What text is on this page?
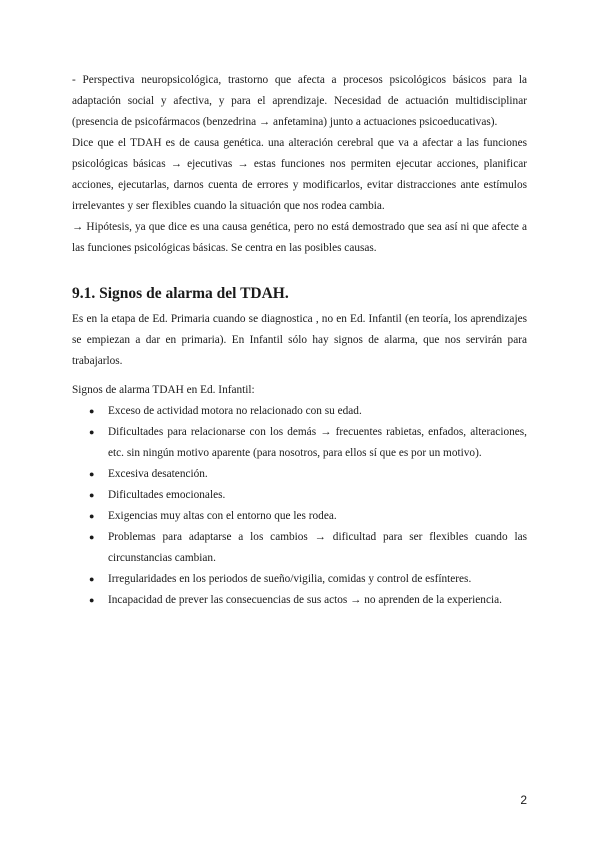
- Perspectiva neuropsicológica, trastorno que afecta a procesos psicológicos básicos para la adaptación social y afectiva, y para el aprendizaje. Necesidad de actuación multidisciplinar (presencia de psicofármacos (benzedrina → anfetamina) junto a actuaciones psicoeducativas).

Dice que el TDAH es de causa genética. una alteración cerebral que va a afectar a las funciones psicológicas básicas → ejecutivas → estas funciones nos permiten ejecutar acciones, planificar acciones, ejecutarlas, darnos cuenta de errores y modificarlos, evitar distracciones ante estímulos irrelevantes y ser flexibles cuando la situación que nos rodea cambia.

→ Hipótesis, ya que dice es una causa genética, pero no está demostrado que sea así ni que afecte a las funciones psicológicas básicas. Se centra en las posibles causas.

9.1. Signos de alarma del TDAH.

Es en la etapa de Ed. Primaria cuando se diagnostica , no en Ed. Infantil (en teoría, los aprendizajes se empiezan a dar en primaria). En Infantil sólo hay signos de alarma, que nos servirán para trabajarlos.

Signos de alarma TDAH en Ed. Infantil:

● Exceso de actividad motora no relacionado con su edad.
● Dificultades para relacionarse con los demás → frecuentes rabietas, enfados, alteraciones, etc. sin ningún motivo aparente (para nosotros, para ellos sí que es por un motivo).
● Excesiva desatención.
● Dificultades emocionales.
● Exigencias muy altas con el entorno que les rodea.
● Problemas para adaptarse a los cambios → dificultad para ser flexibles cuando las circunstancias cambian.
● Irregularidades en los periodos de sueño/vigilia, comidas y control de esfínteres.
● Incapacidad de prever las consecuencias de sus actos → no aprenden de la experiencia.
2
